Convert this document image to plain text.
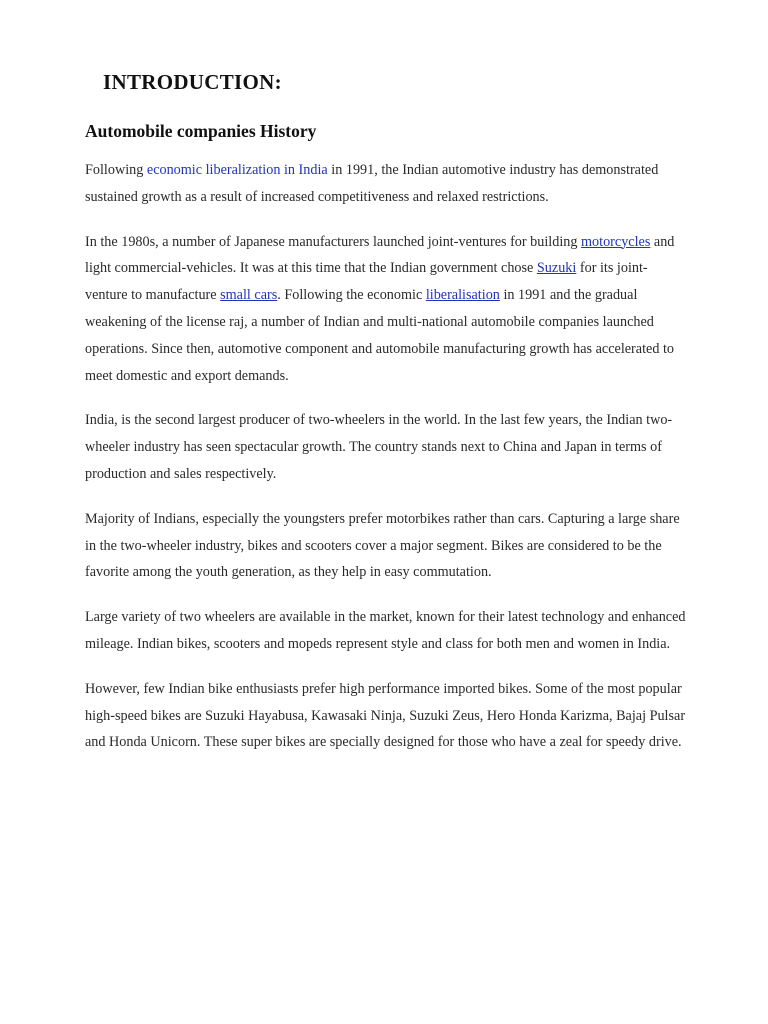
INTRODUCTION:
Automobile companies History

Following economic liberalization in India in 1991, the Indian automotive industry has demonstrated sustained growth as a result of increased competitiveness and relaxed restrictions.

In the 1980s, a number of Japanese manufacturers launched joint-ventures for building motorcycles and light commercial-vehicles. It was at this time that the Indian government chose Suzuki for its joint-venture to manufacture small cars. Following the economic liberalisation in 1991 and the gradual weakening of the license raj, a number of Indian and multi-national automobile companies launched operations. Since then, automotive component and automobile manufacturing growth has accelerated to meet domestic and export demands.

India, is the second largest producer of two-wheelers in the world. In the last few years, the Indian two-wheeler industry has seen spectacular growth. The country stands next to China and Japan in terms of production and sales respectively.

Majority of Indians, especially the youngsters prefer motorbikes rather than cars. Capturing a large share in the two-wheeler industry, bikes and scooters cover a major segment. Bikes are considered to be the favorite among the youth generation, as they help in easy commutation.

Large variety of two wheelers are available in the market, known for their latest technology and enhanced mileage. Indian bikes, scooters and mopeds represent style and class for both men and women in India.

However, few Indian bike enthusiasts prefer high performance imported bikes. Some of the most popular high-speed bikes are Suzuki Hayabusa, Kawasaki Ninja, Suzuki Zeus, Hero Honda Karizma, Bajaj Pulsar and Honda Unicorn. These super bikes are specially designed for those who have a zeal for speedy drive.
